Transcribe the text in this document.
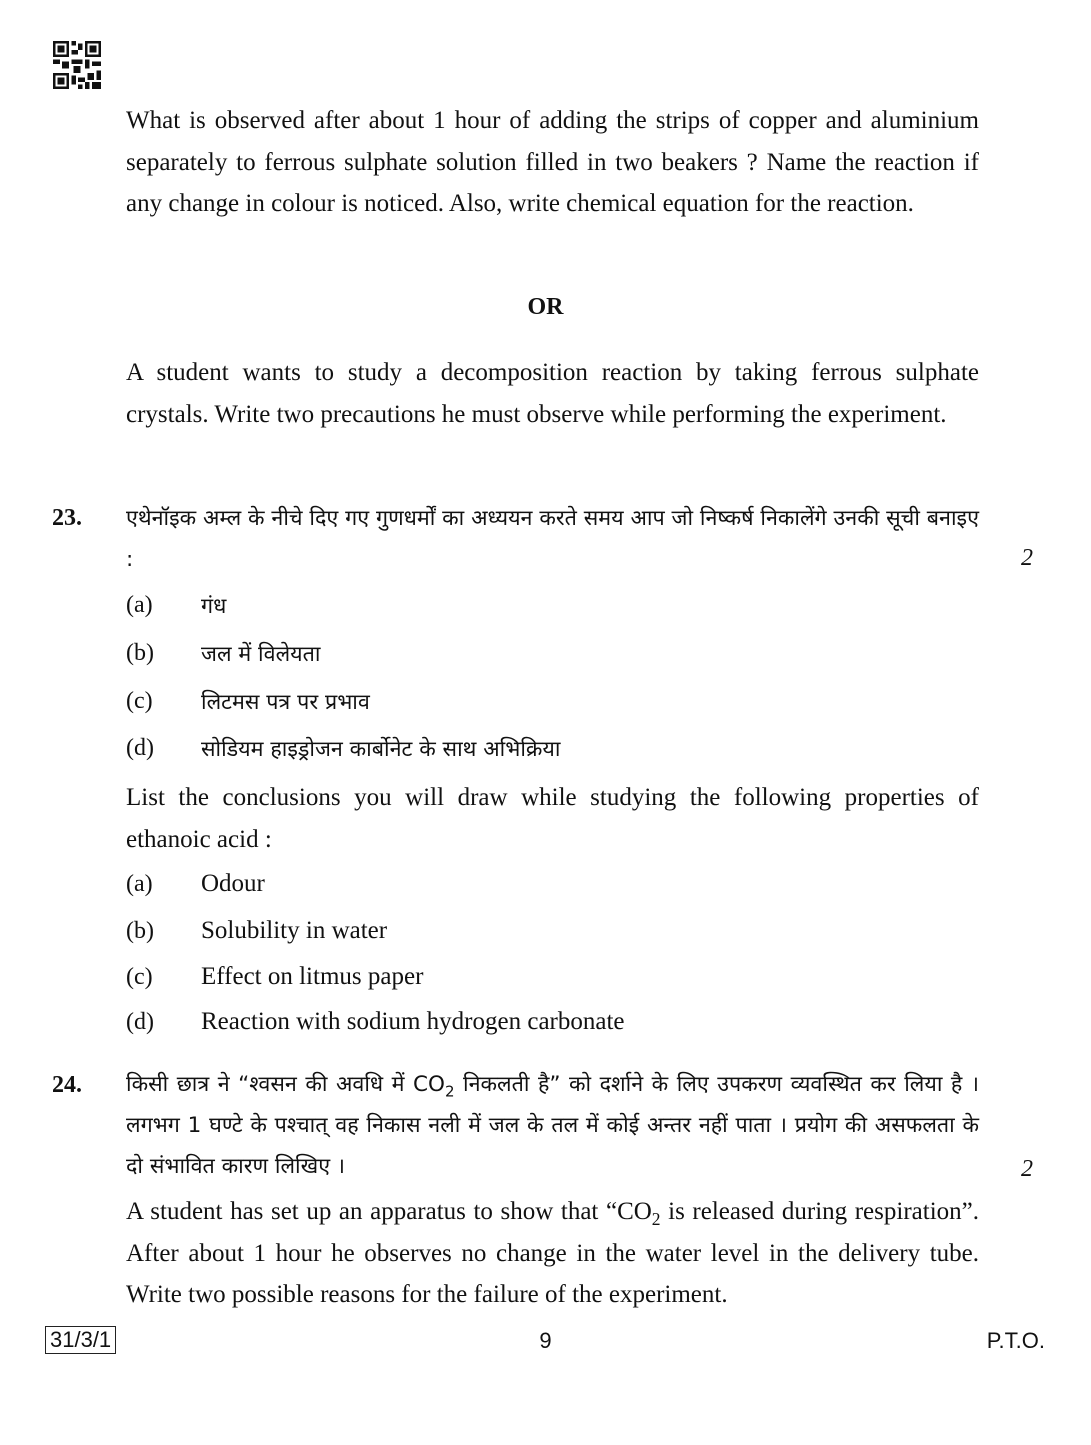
What is observed after about 1 hour of adding the strips of copper and aluminium separately to ferrous sulphate solution filled in two beakers ? Name the reaction if any change in colour is noticed. Also, write chemical equation for the reaction.

OR

A student wants to study a decomposition reaction by taking ferrous sulphate crystals. Write two precautions he must observe while performing the experiment.

23. एथेनॉइक अम्ल के नीचे दिए गए गुणधर्मों का अध्ययन करते समय आप जो निष्कर्ष निकालेंगे उनकी सूची बनाइए :	2
(a)	गंध
(b)	जल में विलेयता
(c)	लिटमस पत्र पर प्रभाव
(d)	सोडियम हाइड्रोजन कार्बोनेट के साथ अभिक्रिया

List the conclusions you will draw while studying the following properties of ethanoic acid :

(a)	Odour
(b)	Solubility in water
(c)	Effect on litmus paper
(d)	Reaction with sodium hydrogen carbonate
24. किसी छात्र ने “श्वसन की अवधि में $CO_2$ निकलती है” को दर्शाने के लिए उपकरण व्यवस्थित कर लिया है । लगभग 1 घण्टे के पश्चात् वह निकास नली में जल के तल में कोई अन्तर नहीं पाता । प्रयोग की असफलता के दो संभावित कारण लिखिए ।	2

A student has set up an apparatus to show that “$CO_2$ is released during respiration”. After about 1 hour he observes no change in the water level in the delivery tube. Write two possible reasons for the failure of the experiment.

31/3/1	9	P.T.O.
